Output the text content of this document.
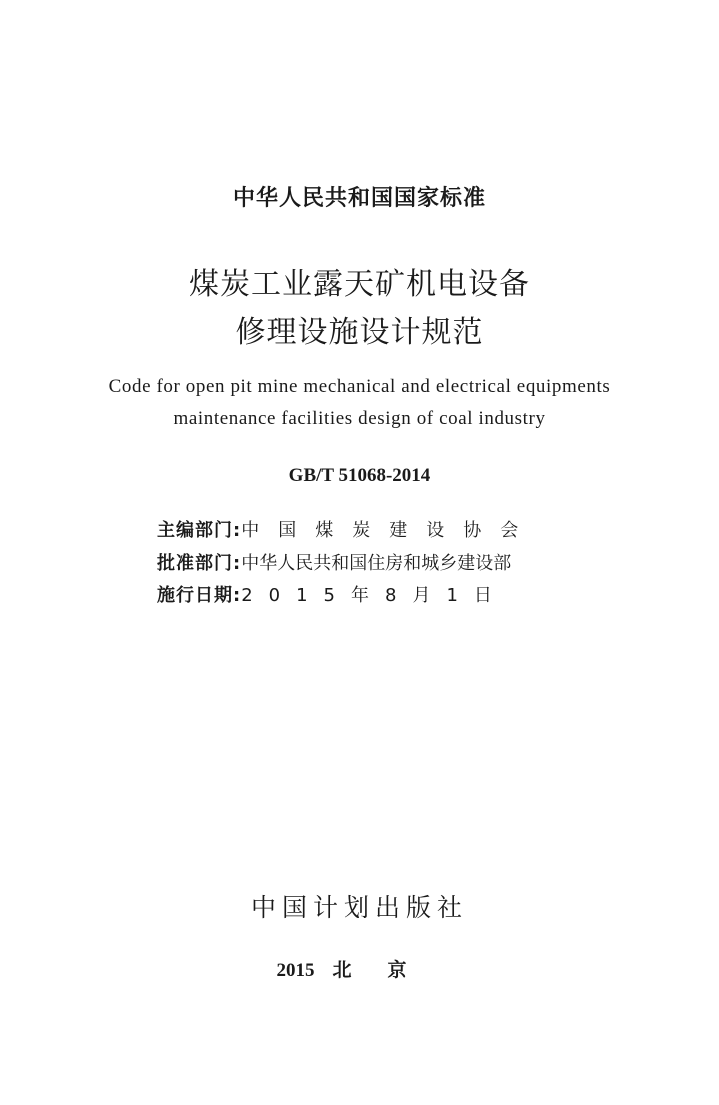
中华人民共和国国家标准
煤炭工业露天矿机电设备
修理设施设计规范
Code for open pit mine mechanical and electrical equipments
maintenance facilities design of coal industry
GB/T 51068-2014
主编部门:中国煤炭建设协会
批准部门:中华人民共和国住房和城乡建设部
施行日期:2015年8月1日
中国计划出版社
2015 北京
